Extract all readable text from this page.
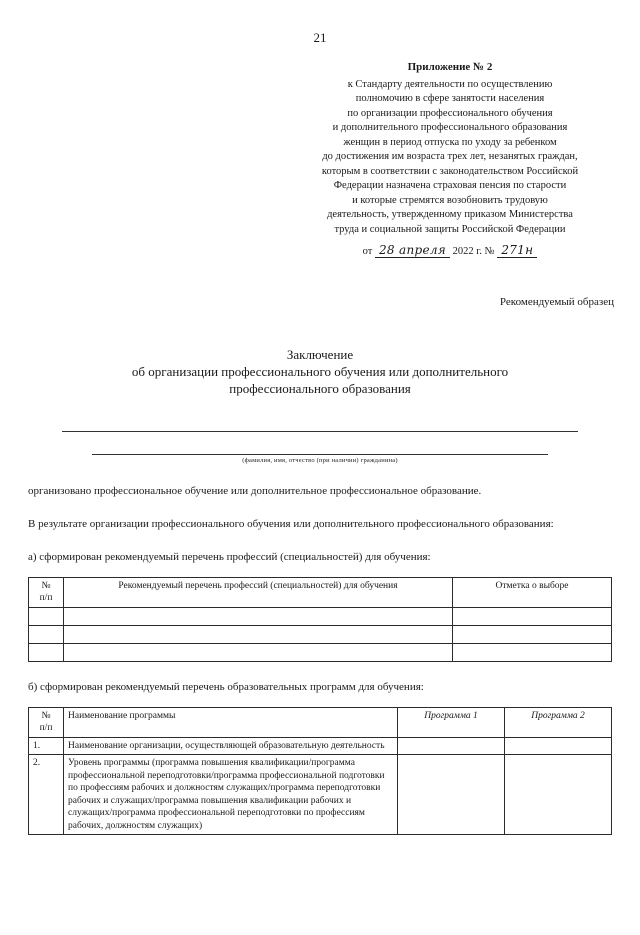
21
Приложение № 2
к Стандарту деятельности по осуществлению
полномочию в сфере занятости населения
по организации профессионального обучения
и дополнительного профессионального образования
женщин в период отпуска по уходу за ребенком
до достижения им возраста трех лет, незанятых граждан,
которым в соответствии с законодательством Российской
Федерации назначена страховая пенсия по старости
и которые стремятся возобновить трудовую
деятельность, утвержденному приказом Министерства
труда и социальной защиты Российской Федерации
от 28 апреля 2022 г. № 271н
Рекомендуемый образец
Заключение
об организации профессионального обучения или дополнительного
профессионального образования
(фамилия, имя, отчество (при наличии) гражданина)
организовано профессиональное обучение или дополнительное профессиональное образование.
В результате организации профессионального обучения или дополнительного профессионального образования:
а) сформирован рекомендуемый перечень профессий (специальностей) для обучения:
№
п/п	Рекомендуемый перечень профессий (специальностей) для обучения	Отметка о выборе

б) сформирован рекомендуемый перечень образовательных программ для обучения:
№
п/п	Наименование программы	Программа 1	Программа 2
1.	Наименование организации, осуществляющей образовательную деятельность		
2.	Уровень программы (программа повышения квалификации/программа профессиональной переподготовки/программа профессиональной подготовки по профессиям рабочих и должностям служащих/программа переподготовки рабочих и служащих/программа повышения квалификации рабочих и служащих/программа профессиональной переподготовки по профессиям рабочих, должностям служащих)		
